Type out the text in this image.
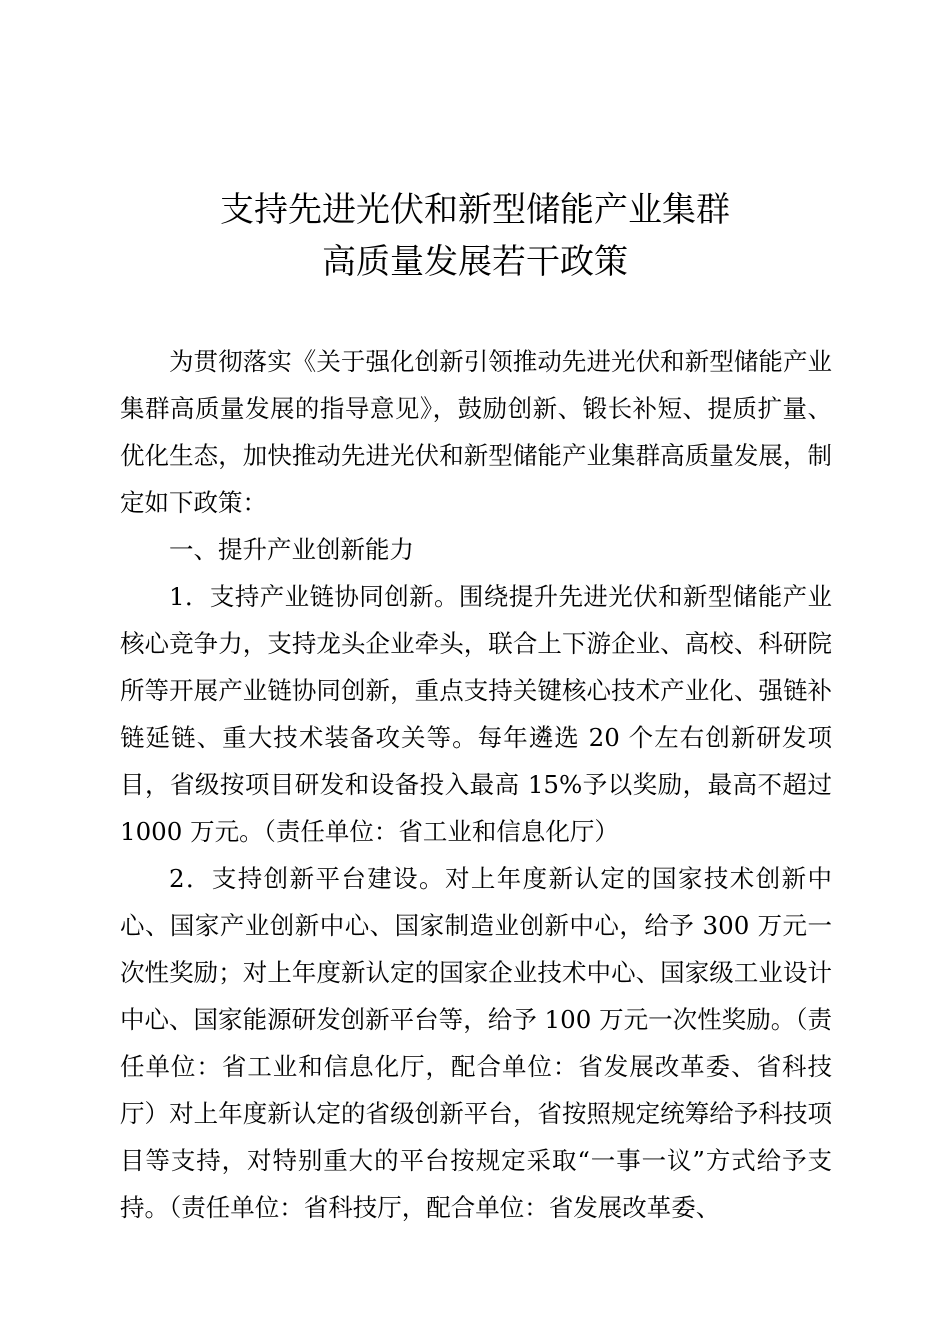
支持先进光伏和新型储能产业集群
高质量发展若干政策

为贯彻落实《关于强化创新引领推动先进光伏和新型储能产业集群高质量发展的指导意见》，鼓励创新、锻长补短、提质扩量、优化生态，加快推动先进光伏和新型储能产业集群高质量发展，制定如下政策：

一、提升产业创新能力

1．支持产业链协同创新。围绕提升先进光伏和新型储能产业核心竞争力，支持龙头企业牵头，联合上下游企业、高校、科研院所等开展产业链协同创新，重点支持关键核心技术产业化、强链补链延链、重大技术装备攻关等。每年遴选 20 个左右创新研发项目，省级按项目研发和设备投入最高 15%予以奖励，最高不超过 1000 万元。（责任单位：省工业和信息化厅）

2．支持创新平台建设。对上年度新认定的国家技术创新中心、国家产业创新中心、国家制造业创新中心，给予 300 万元一次性奖励；对上年度新认定的国家企业技术中心、国家级工业设计中心、国家能源研发创新平台等，给予 100 万元一次性奖励。（责任单位：省工业和信息化厅，配合单位：省发展改革委、省科技厅）对上年度新认定的省级创新平台，省按照规定统筹给予科技项目等支持，对特别重大的平台按规定采取“一事一议”方式给予支持。（责任单位：省科技厅，配合单位：省发展改革委、
